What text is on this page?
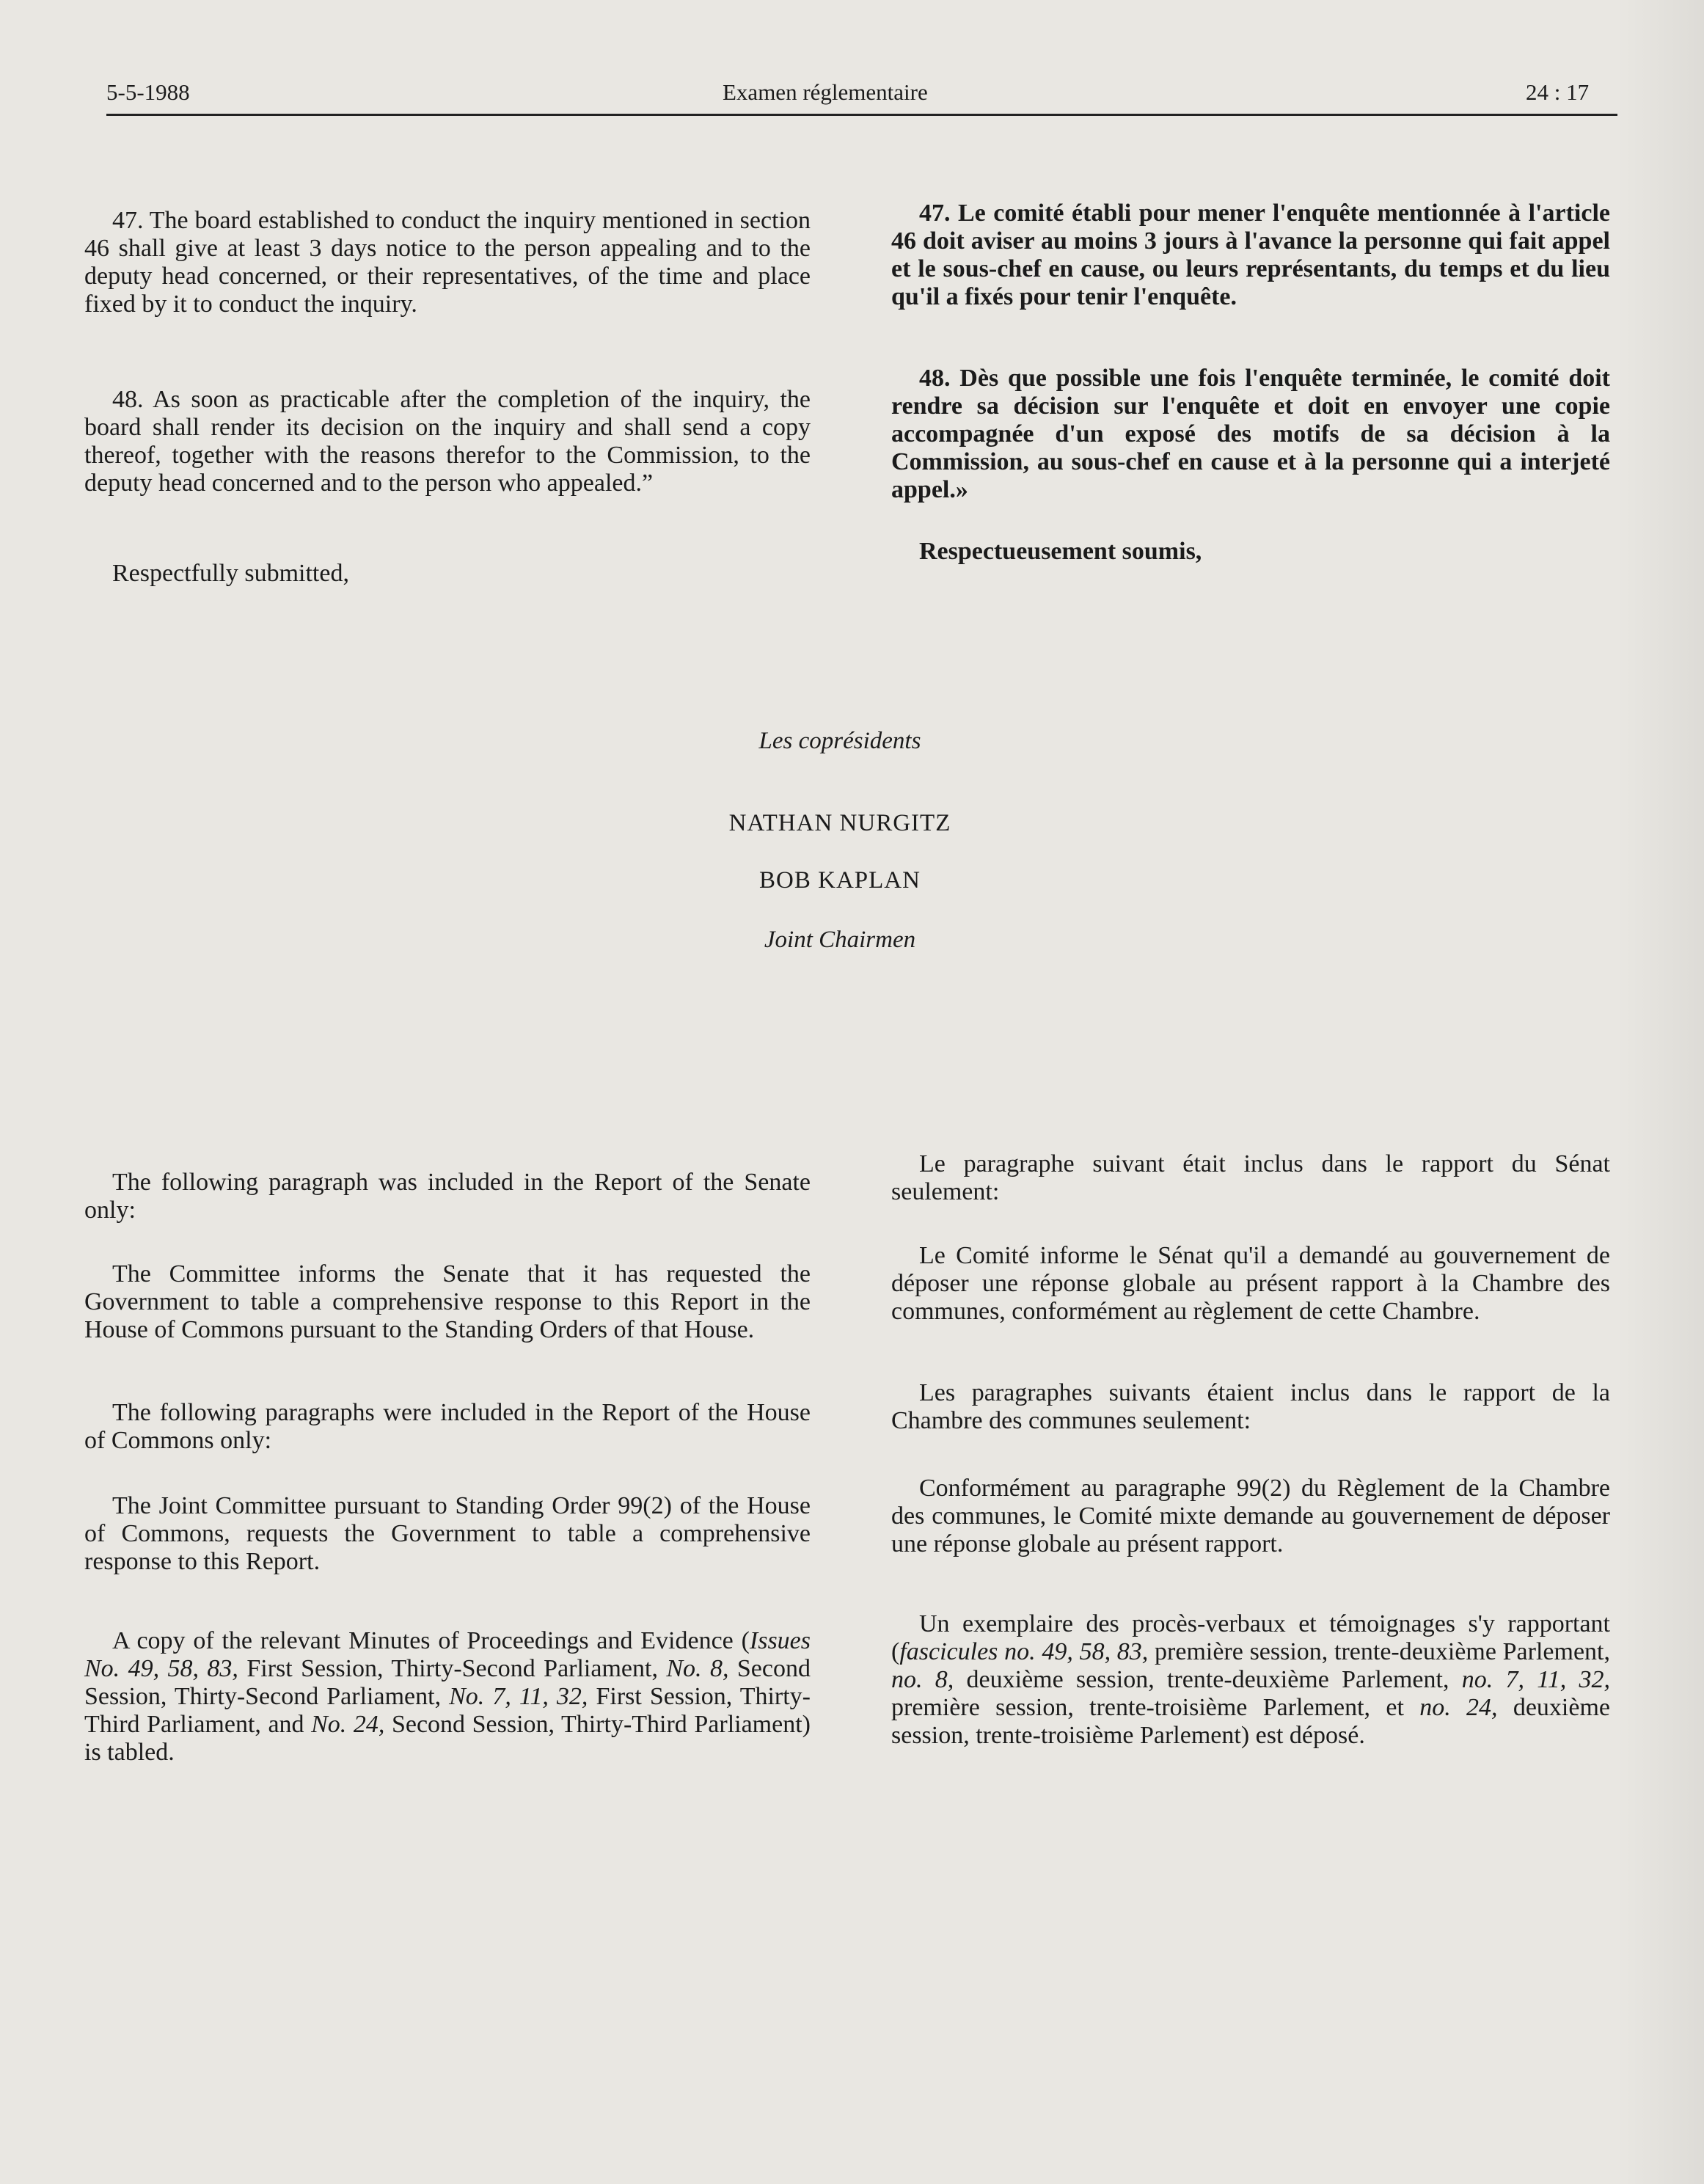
5-5-1988	Examen réglementaire	24 : 17

47. The board established to conduct the inquiry mentioned in section 46 shall give at least 3 days notice to the person appealing and to the deputy head concerned, or their representatives, of the time and place fixed by it to conduct the inquiry.

48. As soon as practicable after the completion of the inquiry, the board shall render its decision on the inquiry and shall send a copy thereof, together with the reasons therefor to the Commission, to the deputy head concerned and to the person who appealed.”

Respectfully submitted,

47. Le comité établi pour mener l'enquête mentionnée à l'article 46 doit aviser au moins 3 jours à l'avance la personne qui fait appel et le sous-chef en cause, ou leurs représentants, du temps et du lieu qu'il a fixés pour tenir l'enquête.

48. Dès que possible une fois l'enquête terminée, le comité doit rendre sa décision sur l'enquête et doit en envoyer une copie accompagnée d'un exposé des motifs de sa décision à la Commission, au sous-chef en cause et à la personne qui a interjeté appel.»

Respectueusement soumis,

Les coprésidents
NATHAN NURGITZ
BOB KAPLAN
Joint Chairmen

The following paragraph was included in the Report of the Senate only:

The Committee informs the Senate that it has requested the Government to table a comprehensive response to this Report in the House of Commons pursuant to the Standing Orders of that House.

The following paragraphs were included in the Report of the House of Commons only:

The Joint Committee pursuant to Standing Order 99(2) of the House of Commons, requests the Government to table a comprehensive response to this Report.

A copy of the relevant Minutes of Proceedings and Evidence (Issues No. 49, 58, 83, First Session, Thirty-Second Parliament, No. 8, Second Session, Thirty-Second Parliament, No. 7, 11, 32, First Session, Thirty-Third Parliament, and No. 24, Second Session, Thirty-Third Parliament) is tabled.

Le paragraphe suivant était inclus dans le rapport du Sénat seulement:

Le Comité informe le Sénat qu'il a demandé au gouvernement de déposer une réponse globale au présent rapport à la Chambre des communes, conformément au règlement de cette Chambre.

Les paragraphes suivants étaient inclus dans le rapport de la Chambre des communes seulement:

Conformément au paragraphe 99(2) du Règlement de la Chambre des communes, le Comité mixte demande au gouvernement de déposer une réponse globale au présent rapport.

Un exemplaire des procès-verbaux et témoignages s'y rapportant (fascicules no. 49, 58, 83, première session, trente-deuxième Parlement, no. 8, deuxième session, trente-deuxième Parlement, no. 7, 11, 32, première session, trente-troisième Parlement, et no. 24, deuxième session, trente-troisième Parlement) est déposé.
